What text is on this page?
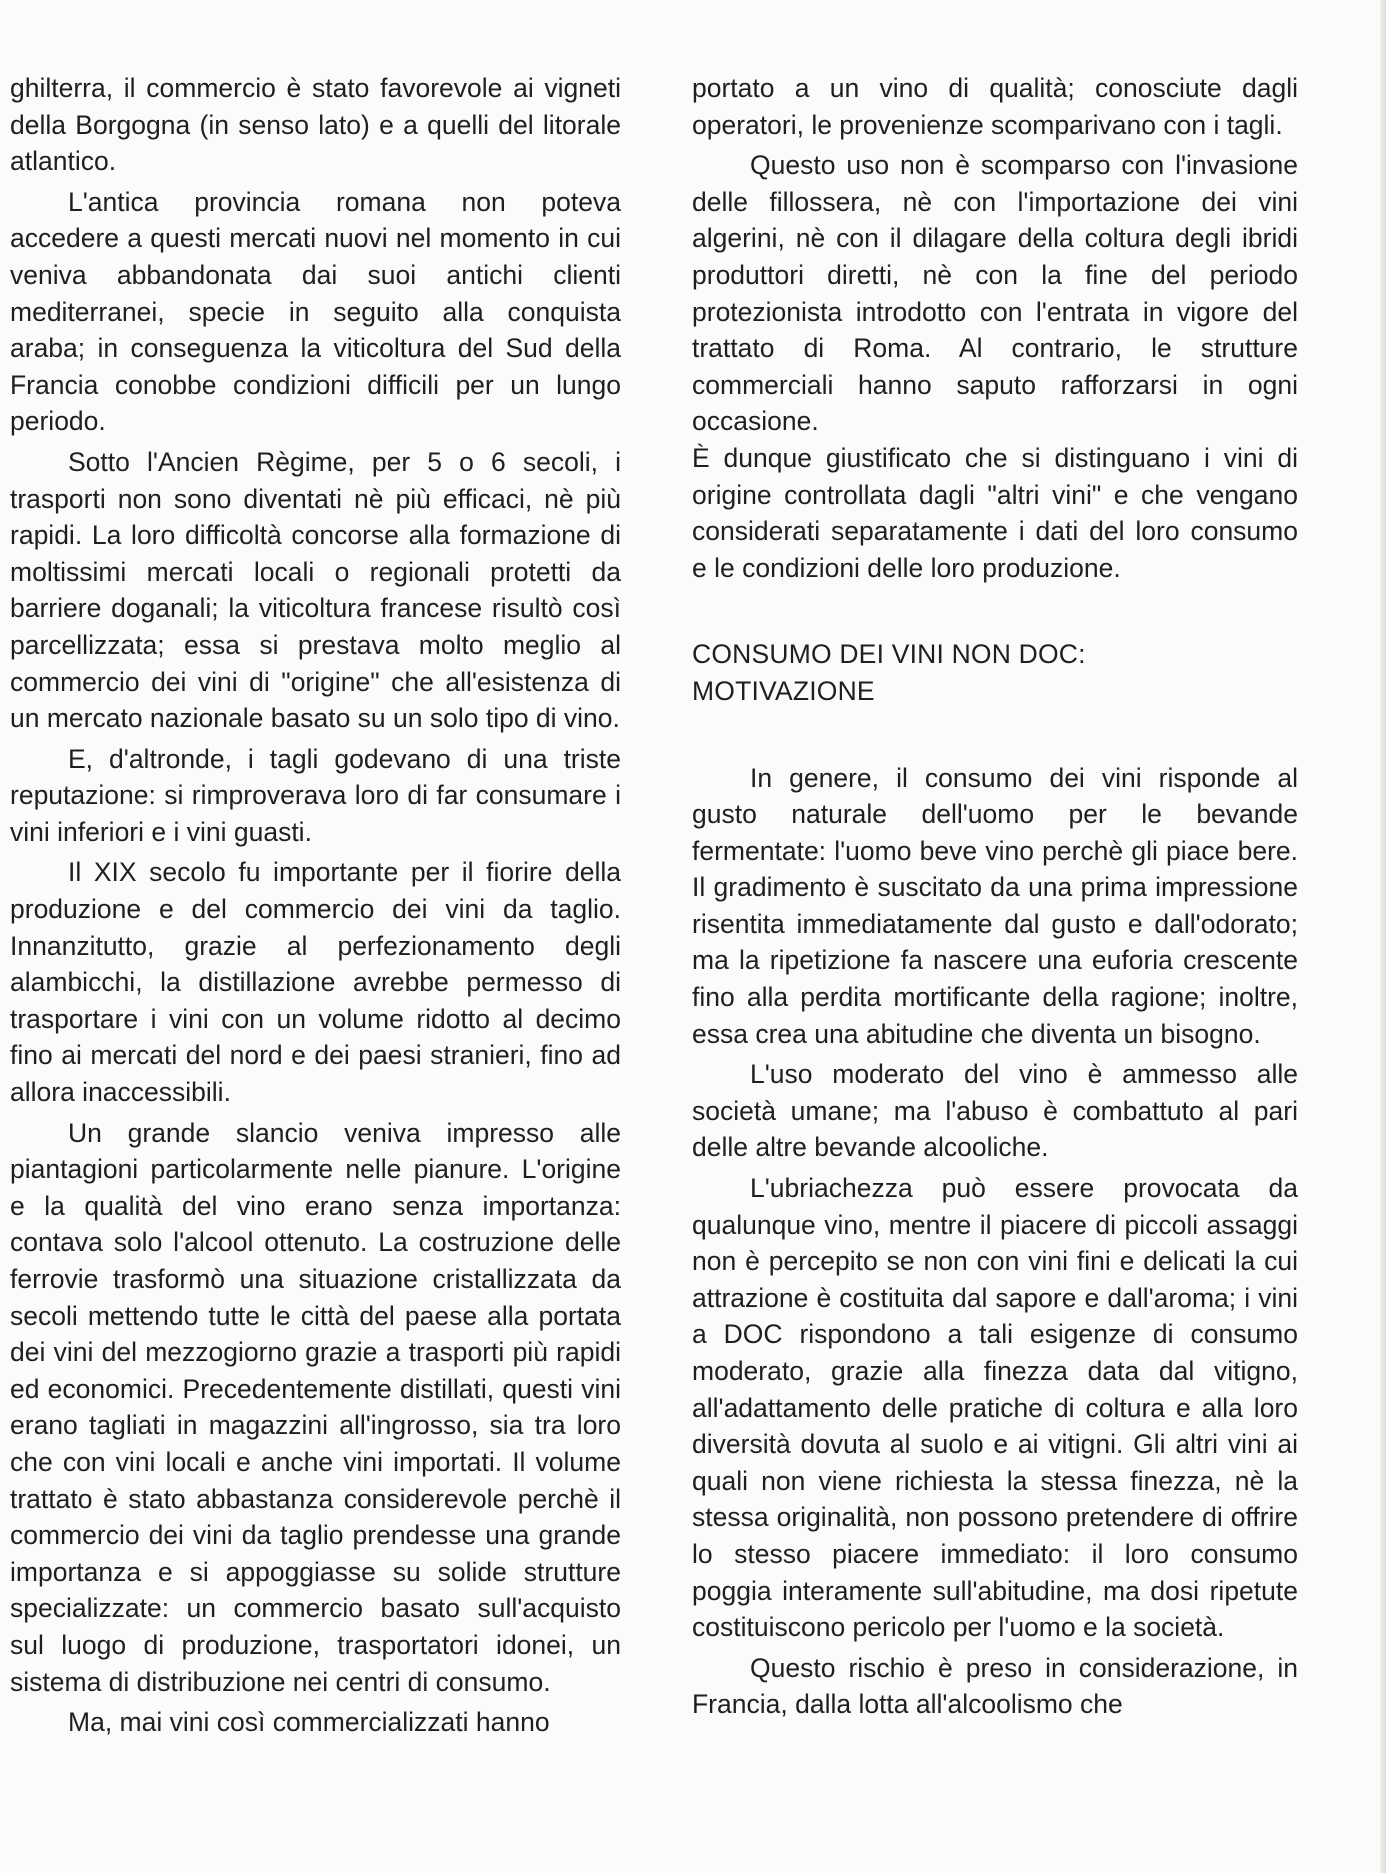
ghilterra, il commercio è stato favorevole ai vigneti della Borgogna (in senso lato) e a quelli del litorale atlantico.

L'antica provincia romana non poteva accedere a questi mercati nuovi nel momento in cui veniva abbandonata dai suoi antichi clienti mediterranei, specie in seguito alla conquista araba; in conseguenza la viticoltura del Sud della Francia conobbe condizioni difficili per un lungo periodo.

Sotto l'Ancien Règime, per 5 o 6 secoli, i trasporti non sono diventati nè più efficaci, nè più rapidi. La loro difficoltà concorse alla formazione di moltissimi mercati locali o regionali protetti da barriere doganali; la viticoltura francese risultò così parcellizzata; essa si prestava molto meglio al commercio dei vini di "origine" che all'esistenza di un mercato nazionale basato su un solo tipo di vino.

E, d'altronde, i tagli godevano di una triste reputazione: si rimproverava loro di far consumare i vini inferiori e i vini guasti.

Il XIX secolo fu importante per il fiorire della produzione e del commercio dei vini da taglio. Innanzitutto, grazie al perfezionamento degli alambicchi, la distillazione avrebbe permesso di trasportare i vini con un volume ridotto al decimo fino ai mercati del nord e dei paesi stranieri, fino ad allora inaccessibili.

Un grande slancio veniva impresso alle piantagioni particolarmente nelle pianure. L'origine e la qualità del vino erano senza importanza: contava solo l'alcool ottenuto. La costruzione delle ferrovie trasformò una situazione cristallizzata da secoli mettendo tutte le città del paese alla portata dei vini del mezzogiorno grazie a trasporti più rapidi ed economici. Precedentemente distillati, questi vini erano tagliati in magazzini all'ingrosso, sia tra loro che con vini locali e anche vini importati. Il volume trattato è stato abbastanza considerevole perchè il commercio dei vini da taglio prendesse una grande importanza e si appoggiasse su solide strutture specializzate: un commercio basato sull'acquisto sul luogo di produzione, trasportatori idonei, un sistema di distribuzione nei centri di consumo.

Ma, mai vini così commercializzati hanno

portato a un vino di qualità; conosciute dagli operatori, le provenienze scomparivano con i tagli.

Questo uso non è scomparso con l'invasione delle fillossera, nè con l'importazione dei vini algerini, nè con il dilagare della coltura degli ibridi produttori diretti, nè con la fine del periodo protezionista introdotto con l'entrata in vigore del trattato di Roma. Al contrario, le strutture commerciali hanno saputo rafforzarsi in ogni occasione.

È dunque giustificato che si distinguano i vini di origine controllata dagli "altri vini" e che vengano considerati separatamente i dati del loro consumo e le condizioni delle loro produzione.

CONSUMO DEI VINI NON DOC:
MOTIVAZIONE

In genere, il consumo dei vini risponde al gusto naturale dell'uomo per le bevande fermentate: l'uomo beve vino perchè gli piace bere. Il gradimento è suscitato da una prima impressione risentita immediatamente dal gusto e dall'odorato; ma la ripetizione fa nascere una euforia crescente fino alla perdita mortificante della ragione; inoltre, essa crea una abitudine che diventa un bisogno.

L'uso moderato del vino è ammesso alle società umane; ma l'abuso è combattuto al pari delle altre bevande alcooliche.

L'ubriachezza può essere provocata da qualunque vino, mentre il piacere di piccoli assaggi non è percepito se non con vini fini e delicati la cui attrazione è costituita dal sapore e dall'aroma; i vini a DOC rispondono a tali esigenze di consumo moderato, grazie alla finezza data dal vitigno, all'adattamento delle pratiche di coltura e alla loro diversità dovuta al suolo e ai vitigni. Gli altri vini ai quali non viene richiesta la stessa finezza, nè la stessa originalità, non possono pretendere di offrire lo stesso piacere immediato: il loro consumo poggia interamente sull'abitudine, ma dosi ripetute costituiscono pericolo per l'uomo e la società.

Questo rischio è preso in considerazione, in Francia, dalla lotta all'alcoolismo che
